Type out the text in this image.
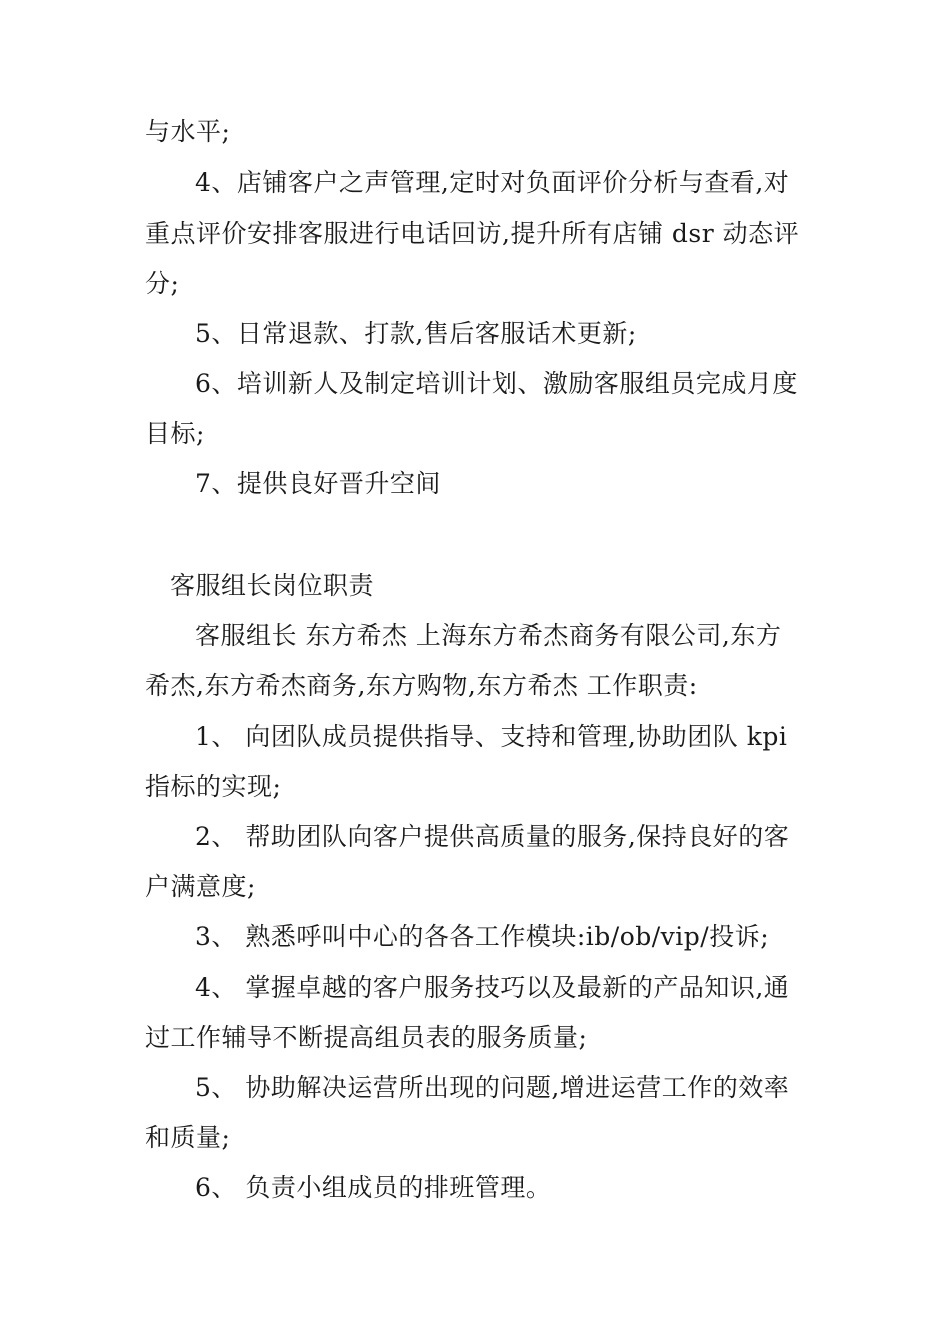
与水平;
4、店铺客户之声管理,定时对负面评价分析与查看,对
重点评价安排客服进行电话回访,提升所有店铺 dsr 动态评
分;
5、日常退款、打款,售后客服话术更新;
6、培训新人及制定培训计划、激励客服组员完成月度
目标;
7、提供良好晋升空间
客服组长岗位职责
客服组长 东方希杰 上海东方希杰商务有限公司,东方
希杰,东方希杰商务,东方购物,东方希杰 工作职责:
1、 向团队成员提供指导、支持和管理,协助团队 kpi
指标的实现;
2、 帮助团队向客户提供高质量的服务,保持良好的客
户满意度;
3、 熟悉呼叫中心的各各工作模块:ib/ob/vip/投诉;
4、 掌握卓越的客户服务技巧以及最新的产品知识,通
过工作辅导不断提高组员表的服务质量;
5、 协助解决运营所出现的问题,增进运营工作的效率
和质量;
6、 负责小组成员的排班管理。
